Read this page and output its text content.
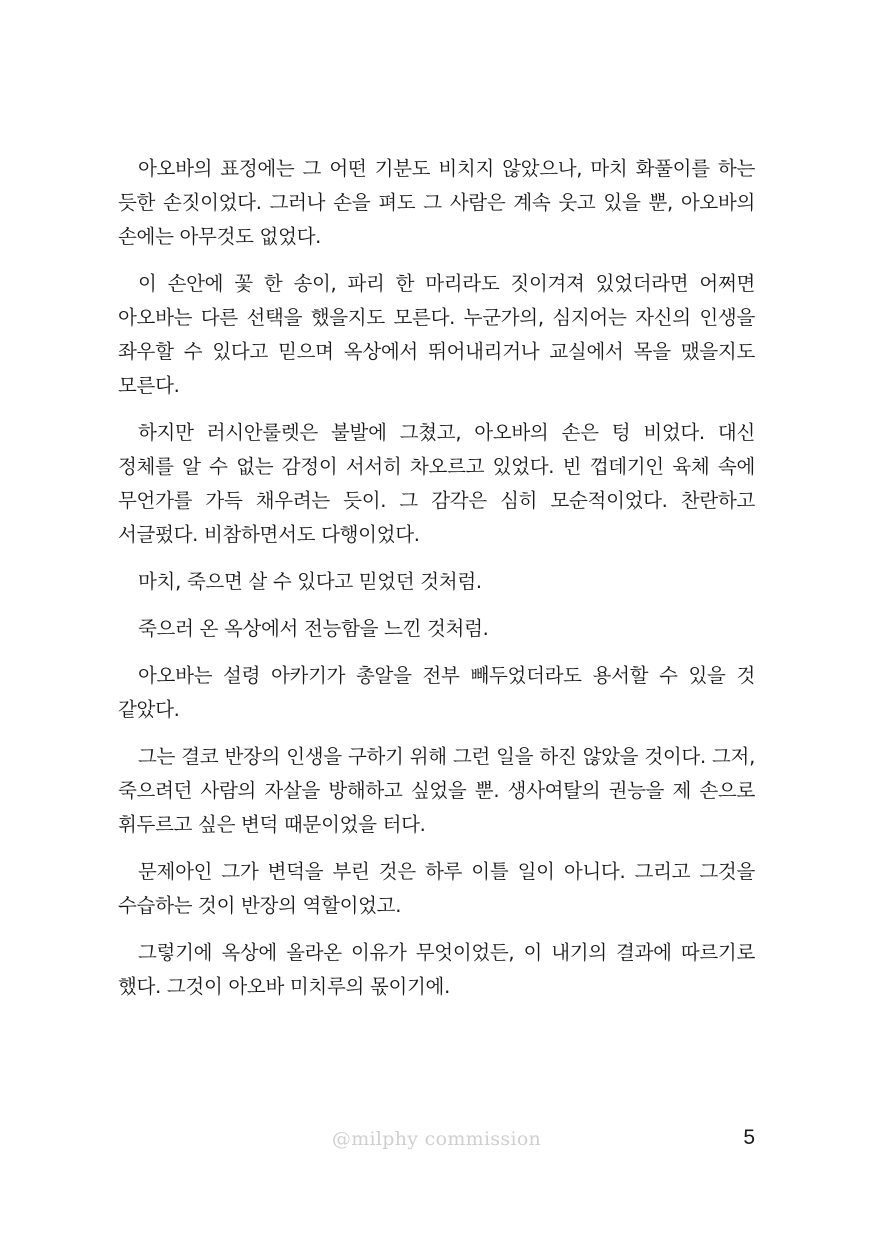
아오바의 표정에는 그 어떤 기분도 비치지 않았으나, 마치 화풀이를 하는 듯한 손짓이었다. 그러나 손을 펴도 그 사람은 계속 웃고 있을 뿐, 아오바의 손에는 아무것도 없었다.

이 손안에 꽃 한 송이, 파리 한 마리라도 짓이겨져 있었더라면 어쩌면 아오바는 다른 선택을 했을지도 모른다. 누군가의, 심지어는 자신의 인생을 좌우할 수 있다고 믿으며 옥상에서 뛰어내리거나 교실에서 목을 맸을지도 모른다.

하지만 러시안룰렛은 불발에 그쳤고, 아오바의 손은 텅 비었다. 대신 정체를 알 수 없는 감정이 서서히 차오르고 있었다. 빈 껍데기인 육체 속에 무언가를 가득 채우려는 듯이. 그 감각은 심히 모순적이었다. 찬란하고 서글펐다. 비참하면서도 다행이었다.

마치, 죽으면 살 수 있다고 믿었던 것처럼.

죽으러 온 옥상에서 전능함을 느낀 것처럼.

아오바는 설령 아카기가 총알을 전부 빼두었더라도 용서할 수 있을 것 같았다.

그는 결코 반장의 인생을 구하기 위해 그런 일을 하진 않았을 것이다. 그저, 죽으려던 사람의 자살을 방해하고 싶었을 뿐. 생사여탈의 권능을 제 손으로 휘두르고 싶은 변덕 때문이었을 터다.

문제아인 그가 변덕을 부린 것은 하루 이틀 일이 아니다. 그리고 그것을 수습하는 것이 반장의 역할이었고.

그렇기에 옥상에 올라온 이유가 무엇이었든, 이 내기의 결과에 따르기로 했다. 그것이 아오바 미치루의 몫이기에.

@milphy commission	5
